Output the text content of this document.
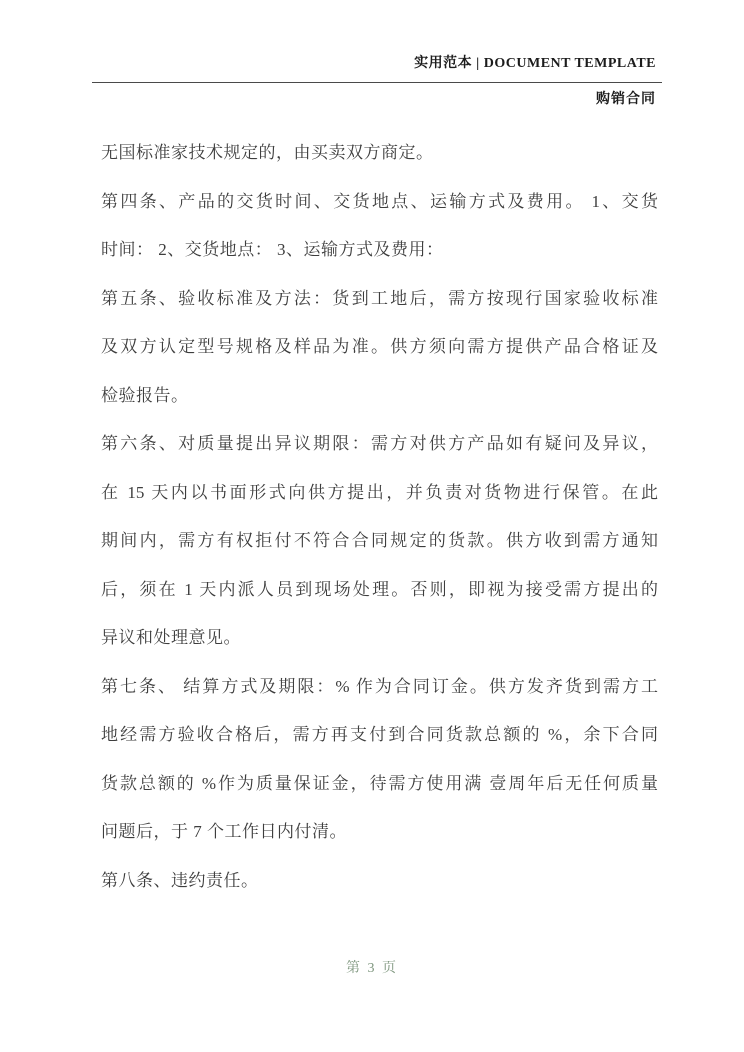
实用范本 | DOCUMENT TEMPLATE
购销合同
无国标准家技术规定的，由买卖双方商定。
第四条、产品的交货时间、交货地点、运输方式及费用。 1、交货
时间： 2、交货地点： 3、运输方式及费用：
第五条、验收标准及方法：货到工地后，需方按现行国家验收标准
及双方认定型号规格及样品为准。供方须向需方提供产品合格证及
检验报告。
第六条、对质量提出异议期限：需方对供方产品如有疑问及异议，
在 15 天内以书面形式向供方提出，并负责对货物进行保管。在此
期间内，需方有权拒付不符合合同规定的货款。供方收到需方通知
后，须在 1 天内派人员到现场处理。否则，即视为接受需方提出的
异议和处理意见。
第七条、 结算方式及期限：% 作为合同订金。供方发齐货到需方工
地经需方验收合格后，需方再支付到合同货款总额的 %，余下合同
货款总额的 %作为质量保证金，待需方使用满 壹周年后无任何质量
问题后，于 7 个工作日内付清。
第八条、违约责任。
第 3 页
